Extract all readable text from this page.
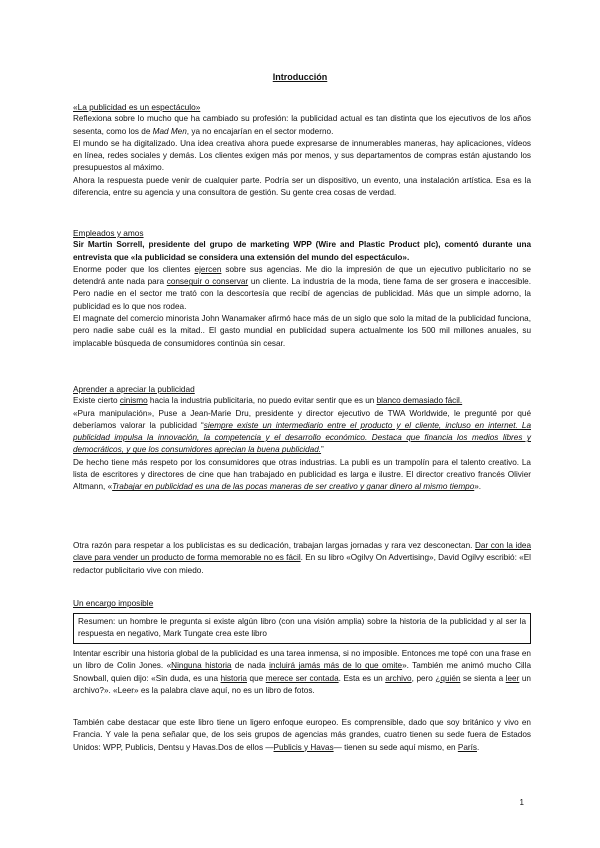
Introducción

«La publicidad es un espectáculo»

Reflexiona sobre lo mucho que ha cambiado su profesión: la publicidad actual es tan distinta que los ejecutivos de los años sesenta, como los de Mad Men, ya no encajarían en el sector moderno.

El mundo se ha digitalizado. Una idea creativa ahora puede expresarse de innumerables maneras, hay aplicaciones, vídeos en línea, redes sociales y demás. Los clientes exigen más por menos, y sus departamentos de compras están ajustando los presupuestos al máximo.

Ahora la respuesta puede venir de cualquier parte. Podría ser un dispositivo, un evento, una instalación artística. Esa es la diferencia, entre su agencia y una consultora de gestión. Su gente crea cosas de verdad.

Empleados y amos

Sir Martin Sorrell, presidente del grupo de marketing WPP (Wire and Plastic Product plc), comentó durante una entrevista que «la publicidad se considera una extensión del mundo del espectáculo».

Enorme poder que los clientes ejercen sobre sus agencias. Me dio la impresión de que un ejecutivo publicitario no se detendrá ante nada para conseguir o conservar un cliente. La industria de la moda, tiene fama de ser grosera e inaccesible. Pero nadie en el sector me trató con la descortesía que recibí de agencias de publicidad. Más que un simple adorno, la publicidad es lo que nos rodea.

El magnate del comercio minorista John Wanamaker afirmó hace más de un siglo que solo la mitad de la publicidad funciona, pero nadie sabe cuál es la mitad.. El gasto mundial en publicidad supera actualmente los 500 mil millones anuales, su implacable búsqueda de consumidores continúa sin cesar.

Aprender a apreciar la publicidad

Existe cierto cinismo hacia la industria publicitaria, no puedo evitar sentir que es un blanco demasiado fácil.

«Pura manipulación», Puse a Jean-Marie Dru, presidente y director ejecutivo de TWA Worldwide, le pregunté por qué deberíamos valorar la publicidad “siempre existe un intermediario entre el producto y el cliente, incluso en internet. La publicidad impulsa la innovación, la competencia y el desarrollo económico. Destaca que financia los medios libres y democráticos, y que los consumidores aprecian la buena publicidad.”

De hecho tiene más respeto por los consumidores que otras industrias. La publi es un trampolín para el talento creativo. La lista de escritores y directores de cine que han trabajado en publicidad es larga e ilustre. El director creativo francés Olivier Altmann, «Trabajar en publicidad es una de las pocas maneras de ser creativo y ganar dinero al mismo tiempo».

Otra razón para respetar a los publicistas es su dedicación, trabajan largas jornadas y rara vez desconectan. Dar con la idea clave para vender un producto de forma memorable no es fácil. En su libro «Ogilvy On Advertising», David Ogilvy escribió: «El redactor publicitario vive con miedo.

Un encargo imposible

Resumen: un hombre le pregunta si existe algún libro (con una visión amplia) sobre la historia de la publicidad y al ser la respuesta en negativo, Mark Tungate crea este libro

Intentar escribir una historia global de la publicidad es una tarea inmensa, si no imposible. Entonces me topé con una frase en un libro de Colin Jones. «Ninguna historia de nada incluirá jamás más de lo que omite». También me animó mucho Cilla Snowball, quien dijo: «Sin duda, es una historia que merece ser contada. Esta es un archivo, pero ¿quién se sienta a leer un archivo?». «Leer» es la palabra clave aquí, no es un libro de fotos.

También cabe destacar que este libro tiene un ligero enfoque europeo. Es comprensible, dado que soy británico y vivo en Francia. Y vale la pena señalar que, de los seis grupos de agencias más grandes, cuatro tienen su sede fuera de Estados Unidos: WPP, Publicis, Dentsu y Havas.Dos de ellos —Publicis y Havas— tienen su sede aquí mismo, en París.

1
